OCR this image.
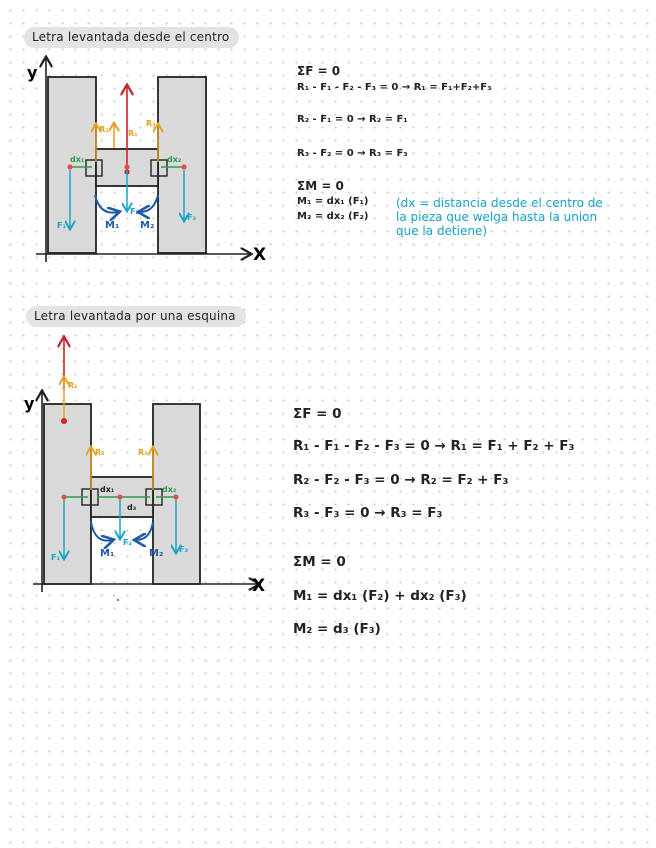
Letra levantada desde el centro
y
X
R₂ R₁
R₃
dx₁	dx₂
F₁
F₂
F₃
M₁ M₂
ΣF = 0
R₁ - F₁ - F₂ - F₃ = 0 → R₁ = F₁+F₂+F₃
R₂ - F₁ = 0 → R₂ = F₁
R₃ - F₂ = 0 → R₃ = F₃
ΣM = 0
M₁ = dx₁ (F₁)
M₂ = dx₂ (F₂)
(dx = distancia desde el centro de
la pieza que welga hasta la union
que la detiene)
Letra levantada por una esquina
y
X
R₁
R₂	R₃
dx₁
d₃
dx₂
F₁
F₂
F₃
M₁	M₂
ΣF = 0
R₁ - F₁ - F₂ - F₃ = 0 → R₁ = F₁ + F₂ + F₃
R₂ - F₂ - F₃ = 0 → R₂ = F₂ + F₃
R₃ - F₃ = 0 → R₃ = F₃
ΣM = 0
M₁ = dx₁ (F₂) + dx₂ (F₃)
M₂ = d₃ (F₃)
